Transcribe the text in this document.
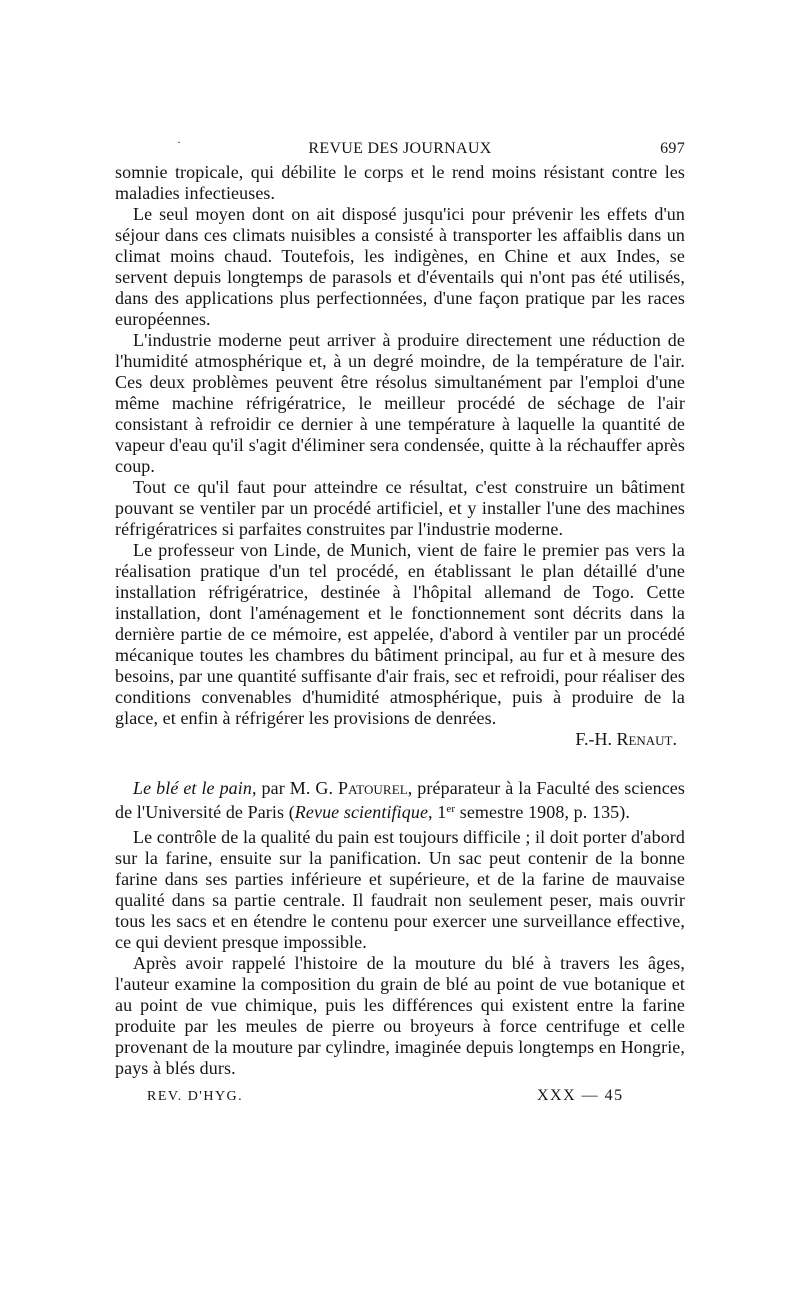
·	REVUE DES JOURNAUX	697

somnie tropicale, qui débilite le corps et le rend moins résistant contre les maladies infectieuses.

Le seul moyen dont on ait disposé jusqu'ici pour prévenir les effets d'un séjour dans ces climats nuisibles a consisté à transporter les affaiblis dans un climat moins chaud. Toutefois, les indigènes, en Chine et aux Indes, se servent depuis longtemps de parasols et d'éventails qui n'ont pas été utilisés, dans des applications plus perfectionnées, d'une façon pratique par les races européennes.

L'industrie moderne peut arriver à produire directement une réduction de l'humidité atmosphérique et, à un degré moindre, de la température de l'air. Ces deux problèmes peuvent être résolus simultanément par l'emploi d'une même machine réfrigératrice, le meilleur procédé de séchage de l'air consistant à refroidir ce dernier à une température à laquelle la quantité de vapeur d'eau qu'il s'agit d'éliminer sera condensée, quitte à la réchauffer après coup.

Tout ce qu'il faut pour atteindre ce résultat, c'est construire un bâtiment pouvant se ventiler par un procédé artificiel, et y installer l'une des machines réfrigératrices si parfaites construites par l'industrie moderne.

Le professeur von Linde, de Munich, vient de faire le premier pas vers la réalisation pratique d'un tel procédé, en établissant le plan détaillé d'une installation réfrigératrice, destinée à l'hôpital allemand de Togo. Cette installation, dont l'aménagement et le fonctionnement sont décrits dans la dernière partie de ce mémoire, est appelée, d'abord à ventiler par un procédé mécanique toutes les chambres du bâtiment principal, au fur et à mesure des besoins, par une quantité suffisante d'air frais, sec et refroidi, pour réaliser des conditions convenables d'humidité atmosphérique, puis à produire de la glace, et enfin à réfrigérer les provisions de denrées.

F.-H. Renaut.

Le blé et le pain, par M. G. Patourel, préparateur à la Faculté des sciences de l'Université de Paris (Revue scientifique, 1er semestre 1908, p. 135).

Le contrôle de la qualité du pain est toujours difficile ; il doit porter d'abord sur la farine, ensuite sur la panification. Un sac peut contenir de la bonne farine dans ses parties inférieure et supérieure, et de la farine de mauvaise qualité dans sa partie centrale. Il faudrait non seulement peser, mais ouvrir tous les sacs et en étendre le contenu pour exercer une surveillance effective, ce qui devient presque impossible.

Après avoir rappelé l'histoire de la mouture du blé à travers les âges, l'auteur examine la composition du grain de blé au point de vue botanique et au point de vue chimique, puis les différences qui existent entre la farine produite par les meules de pierre ou broyeurs à force centrifuge et celle provenant de la mouture par cylindre, imaginée depuis longtemps en Hongrie, pays à blés durs.

REV. D'HYG.	XXX — 45
